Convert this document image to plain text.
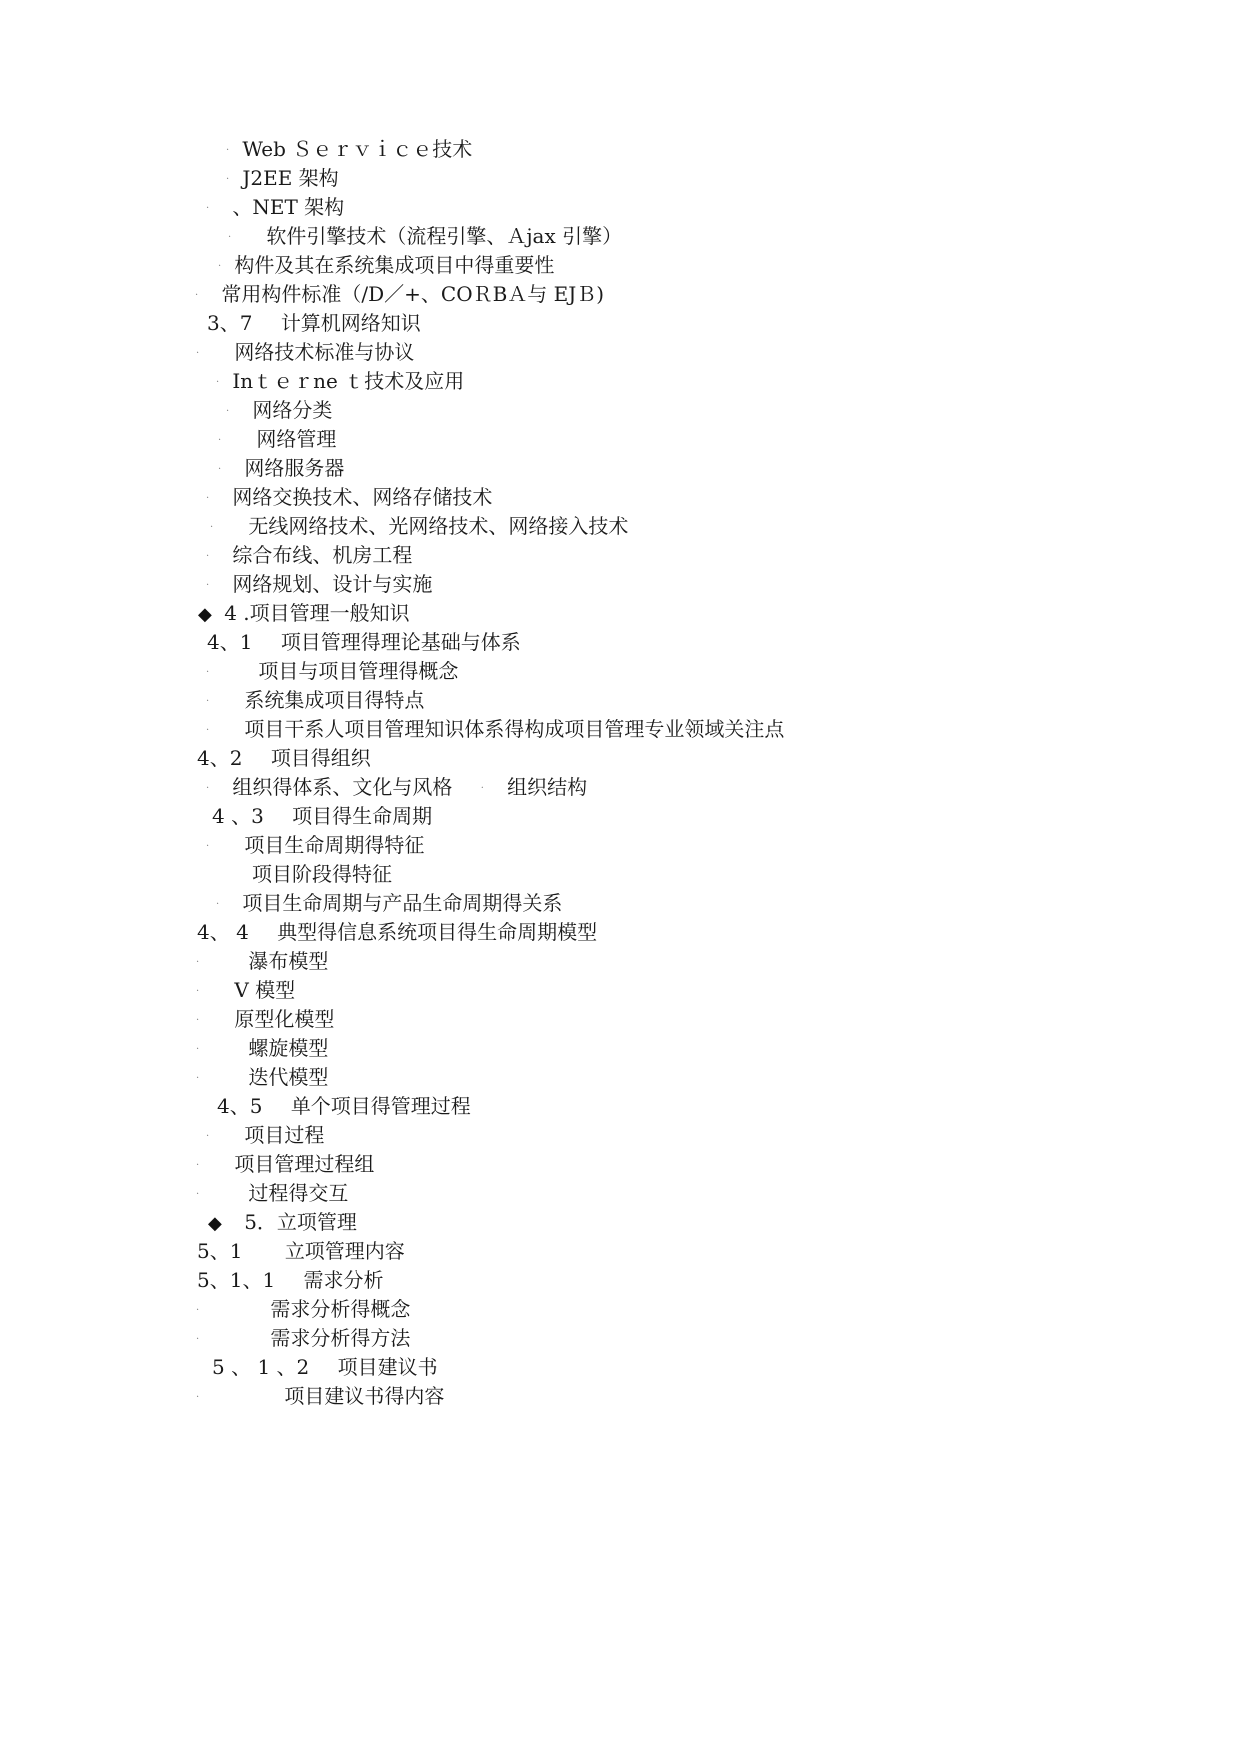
· Web Ｓｅｒｖｉｃｅ技术
· J2EE 架构
· 、NET 架构
· 软件引擎技术（流程引擎、Ａjax 引擎）
· 构件及其在系统集成项目中得重要性
· 常用构件标准（/D／+、COＲBＡ与 EJＢ)
3、7 计算机网络知识
· 网络技术标准与协议
· Inｔｅｒne ｔ技术及应用
· 网络分类
· 网络管理
· 网络服务器
· 网络交换技术、网络存储技术
· 无线网络技术、光网络技术、网络接入技术
· 综合布线、机房工程
· 网络规划、设计与实施
◆ 4 .项目管理一般知识
4、1 项目管理得理论基础与体系
· 项目与项目管理得概念
· 系统集成项目得特点
· 项目干系人项目管理知识体系得构成项目管理专业领域关注点
4、2 项目得组织
· 组织得体系、文化与风格	· 组织结构
4 、3 项目得生命周期
· 项目生命周期得特征
项目阶段得特征
· 项目生命周期与产品生命周期得关系
4、 4 典型得信息系统项目得生命周期模型
· 瀑布模型
· V 模型
· 原型化模型
· 螺旋模型
· 迭代模型
4、5 单个项目得管理过程
· 项目过程
· 项目管理过程组
· 过程得交互
◆ 5．立项管理
5、1 立项管理内容
5、1、1 需求分析
·	需求分析得概念
·	需求分析得方法
5 、 1 、2 项目建议书
·	项目建议书得内容
